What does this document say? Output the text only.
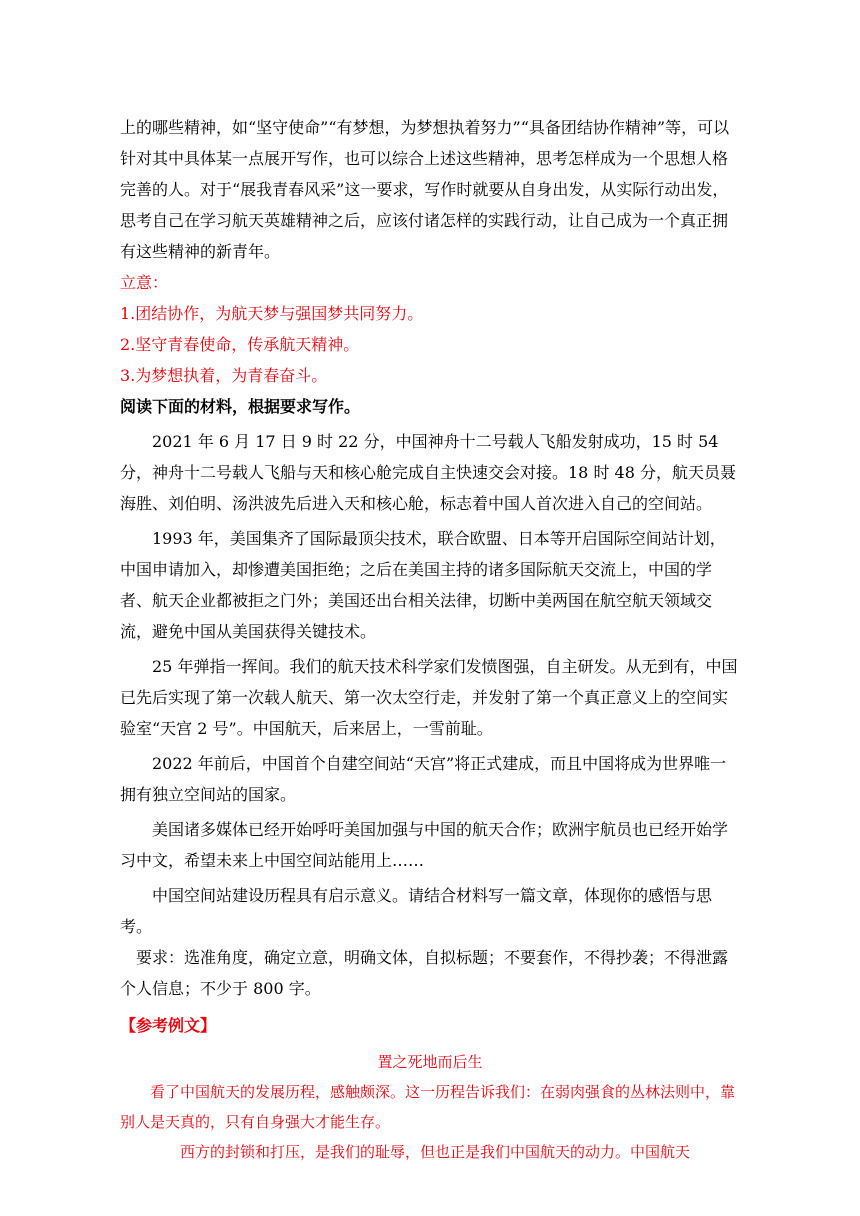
上的哪些精神，如“坚守使命”“有梦想，为梦想执着努力”“具备团结协作精神”等，可以针对其中具体某一点展开写作，也可以综合上述这些精神，思考怎样成为一个思想人格完善的人。对于“展我青春风采”这一要求，写作时就要从自身出发，从实际行动出发，思考自己在学习航天英雄精神之后，应该付诸怎样的实践行动，让自己成为一个真正拥有这些精神的新青年。

立意：

1.团结协作，为航天梦与强国梦共同努力。

2.坚守青春使命，传承航天精神。

3.为梦想执着，为青春奋斗。

阅读下面的材料，根据要求写作。

2021 年 6 月 17 日 9 时 22 分，中国神舟十二号载人飞船发射成功，15 时 54 分，神舟十二号载人飞船与天和核心舱完成自主快速交会对接。18 时 48 分，航天员聂海胜、刘伯明、汤洪波先后进入天和核心舱，标志着中国人首次进入自己的空间站。

1993 年，美国集齐了国际最顶尖技术，联合欧盟、日本等开启国际空间站计划，中国申请加入，却惨遭美国拒绝；之后在美国主持的诸多国际航天交流上，中国的学者、航天企业都被拒之门外；美国还出台相关法律，切断中美两国在航空航天领域交流，避免中国从美国获得关键技术。

25 年弹指一挥间。我们的航天技术科学家们发愤图强，自主研发。从无到有，中国已先后实现了第一次载人航天、第一次太空行走，并发射了第一个真正意义上的空间实验室“天宫 2 号”。中国航天，后来居上，一雪前耻。

2022 年前后，中国首个自建空间站“天宫”将正式建成，而且中国将成为世界唯一拥有独立空间站的国家。

美国诸多媒体已经开始呼吁美国加强与中国的航天合作；欧洲宇航员也已经开始学习中文，希望未来上中国空间站能用上……

中国空间站建设历程具有启示意义。请结合材料写一篇文章，体现你的感悟与思考。

要求：选准角度，确定立意，明确文体，自拟标题；不要套作，不得抄袭；不得泄露个人信息；不少于 800 字。

【参考例文】

置之死地而后生

看了中国航天的发展历程，感触颇深。这一历程告诉我们：在弱肉强食的丛林法则中，靠别人是天真的，只有自身强大才能生存。

西方的封锁和打压，是我们的耻辱，但也正是我们中国航天的动力。中国航天
